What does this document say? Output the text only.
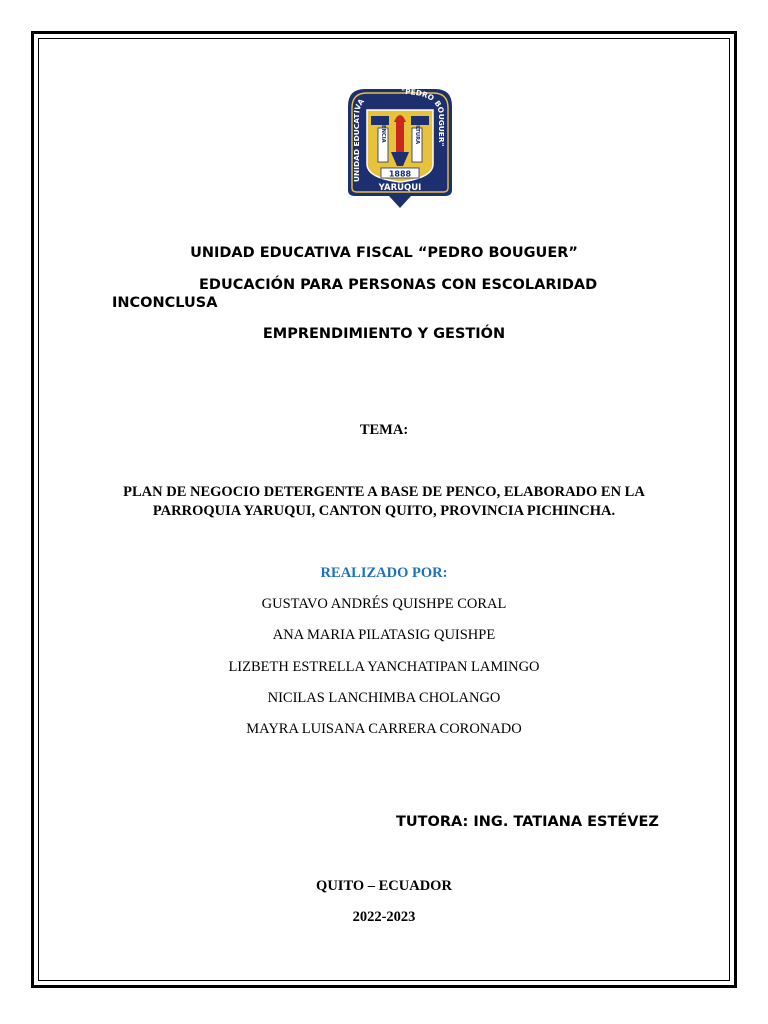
UNIDAD EDUCATIVA
"PEDRO BOUGUER"
CIENCIA	CULTURA
1888
YARUQUI
UNIDAD EDUCATIVA FISCAL “PEDRO BOUGUER”
EDUCACIÓN PARA PERSONAS CON ESCOLARIDAD
INCONCLUSA
EMPRENDIMIENTO Y GESTIÓN
TEMA:
PLAN DE NEGOCIO DETERGENTE A BASE DE PENCO, ELABORADO EN LA
PARROQUIA YARUQUI, CANTON QUITO, PROVINCIA PICHINCHA.
REALIZADO POR:
GUSTAVO ANDRÉS QUISHPE CORAL
ANA MARIA PILATASIG QUISHPE
LIZBETH ESTRELLA YANCHATIPAN LAMINGO
NICILAS LANCHIMBA CHOLANGO
MAYRA LUISANA CARRERA CORONADO
TUTORA: ING. TATIANA ESTÉVEZ
QUITO – ECUADOR
2022-2023
